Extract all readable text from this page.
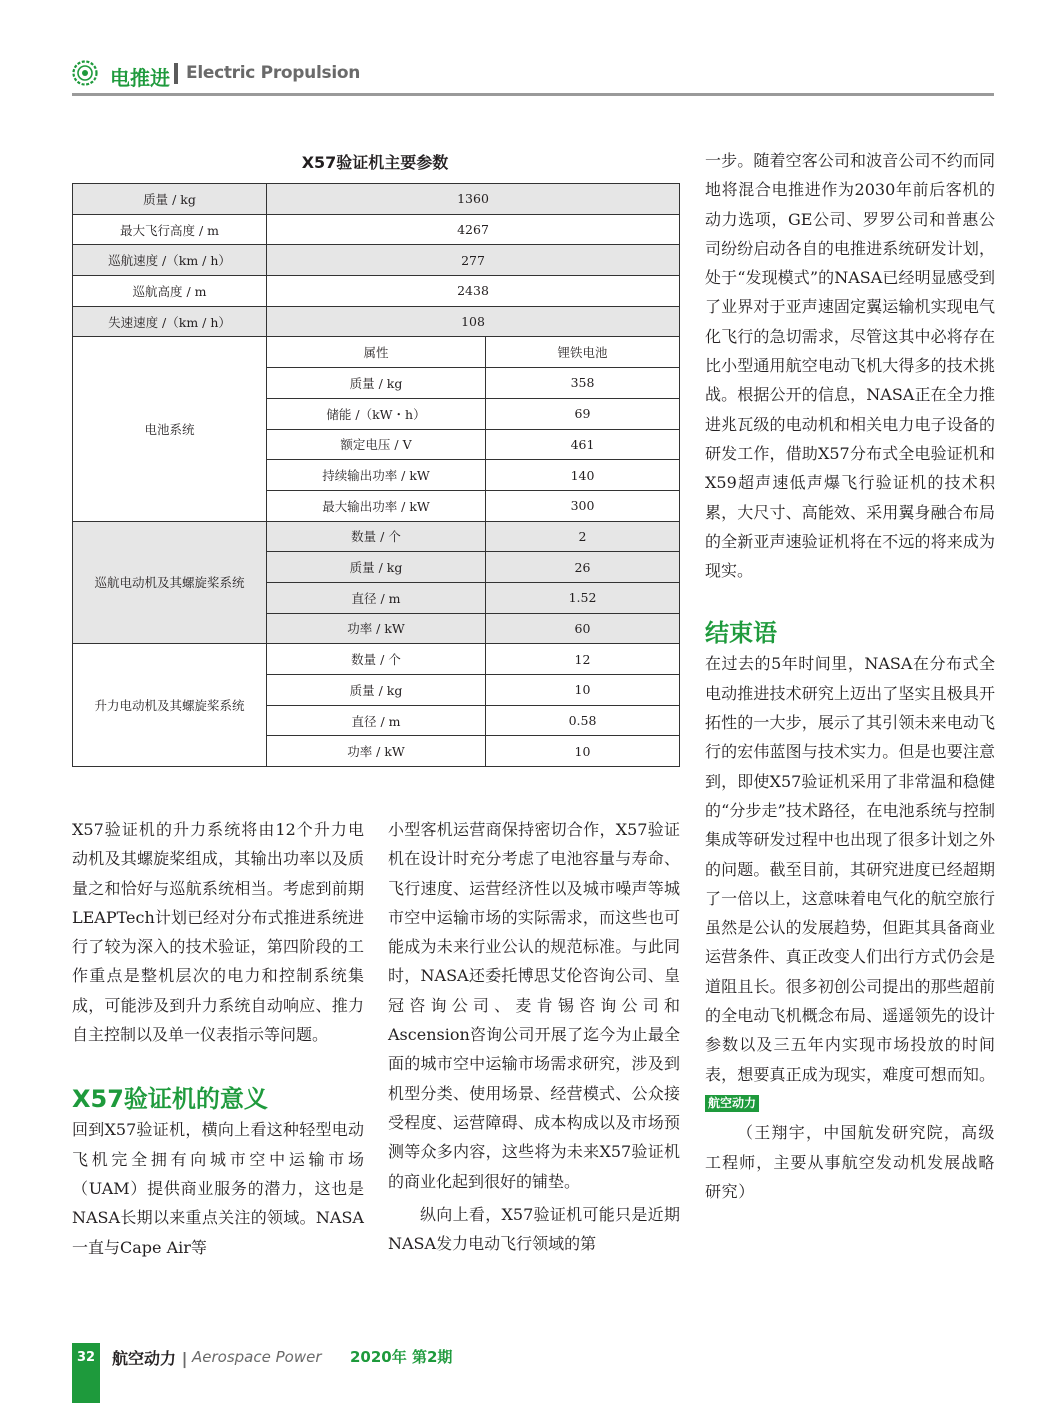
电推进 Electric Propulsion
X57验证机主要参数
质量 / kg	1360	
最大飞行高度 / m	4267	
巡航速度 /（km / h）	277	
巡航高度 / m	2438	
失速速度 /（km / h）	108	
电池系统	属性	锂铁电池
	质量 / kg	358
	储能 /（kW・h）	69
	额定电压 / V	461
	持续输出功率 / kW	140
	最大输出功率 / kW	300
巡航电动机及其螺旋桨系统	数量 / 个	2
	质量 / kg	26
	直径 / m	1.52
	功率 / kW	60
升力电动机及其螺旋桨系统	数量 / 个	12
	质量 / kg	10
	直径 / m	0.58
	功率 / kW	10

X57验证机的升力系统将由12个升力电动机及其螺旋桨组成，其输出功率以及质量之和恰好与巡航系统相当。考虑到前期LEAPTech计划已经对分布式推进系统进行了较为深入的技术验证，第四阶段的工作重点是整机层次的电力和控制系统集成，可能涉及到升力系统自动响应、推力自主控制以及单一仪表指示等问题。

X57验证机的意义

回到X57验证机，横向上看这种轻型电动飞机完全拥有向城市空中运输市场（UAM）提供商业服务的潜力，这也是NASA长期以来重点关注的领域。NASA一直与Cape Air等

小型客机运营商保持密切合作，X57验证机在设计时充分考虑了电池容量与寿命、飞行速度、运营经济性以及城市噪声等城市空中运输市场的实际需求，而这些也可能成为未来行业公认的规范标准。与此同时，NASA还委托博思艾伦咨询公司、皇冠咨询公司、麦肯锡咨询公司和Ascension咨询公司开展了迄今为止最全面的城市空中运输市场需求研究，涉及到机型分类、使用场景、经营模式、公众接受程度、运营障碍、成本构成以及市场预测等众多内容，这些将为未来X57验证机的商业化起到很好的铺垫。

纵向上看，X57验证机可能只是近期NASA发力电动飞行领域的第

一步。随着空客公司和波音公司不约而同地将混合电推进作为2030年前后客机的动力选项，GE公司、罗罗公司和普惠公司纷纷启动各自的电推进系统研发计划，处于“发现模式”的NASA已经明显感受到了业界对于亚声速固定翼运输机实现电气化飞行的急切需求，尽管这其中必将存在比小型通用航空电动飞机大得多的技术挑战。根据公开的信息，NASA正在全力推进兆瓦级的电动机和相关电力电子设备的研发工作，借助X57分布式全电验证机和X59超声速低声爆飞行验证机的技术积累，大尺寸、高能效、采用翼身融合布局的全新亚声速验证机将在不远的将来成为现实。

结束语

在过去的5年时间里，NASA在分布式全电动推进技术研究上迈出了坚实且极具开拓性的一大步，展示了其引领未来电动飞行的宏伟蓝图与技术实力。但是也要注意到，即使X57验证机采用了非常温和稳健的“分步走”技术路径，在电池系统与控制集成等研发过程中也出现了很多计划之外的问题。截至目前，其研究进度已经超期了一倍以上，这意味着电气化的航空旅行虽然是公认的发展趋势，但距其具备商业运营条件、真正改变人们出行方式仍会是道阻且长。很多初创公司提出的那些超前的全电动飞机概念布局、遥遥领先的设计参数以及三五年内实现市场投放的时间表，想要真正成为现实，难度可想而知。 航空动力

（王翔宇，中国航发研究院，高级工程师，主要从事航空发动机发展战略研究）

32	航空动力 | Aerospace Power 2020年 第2期
